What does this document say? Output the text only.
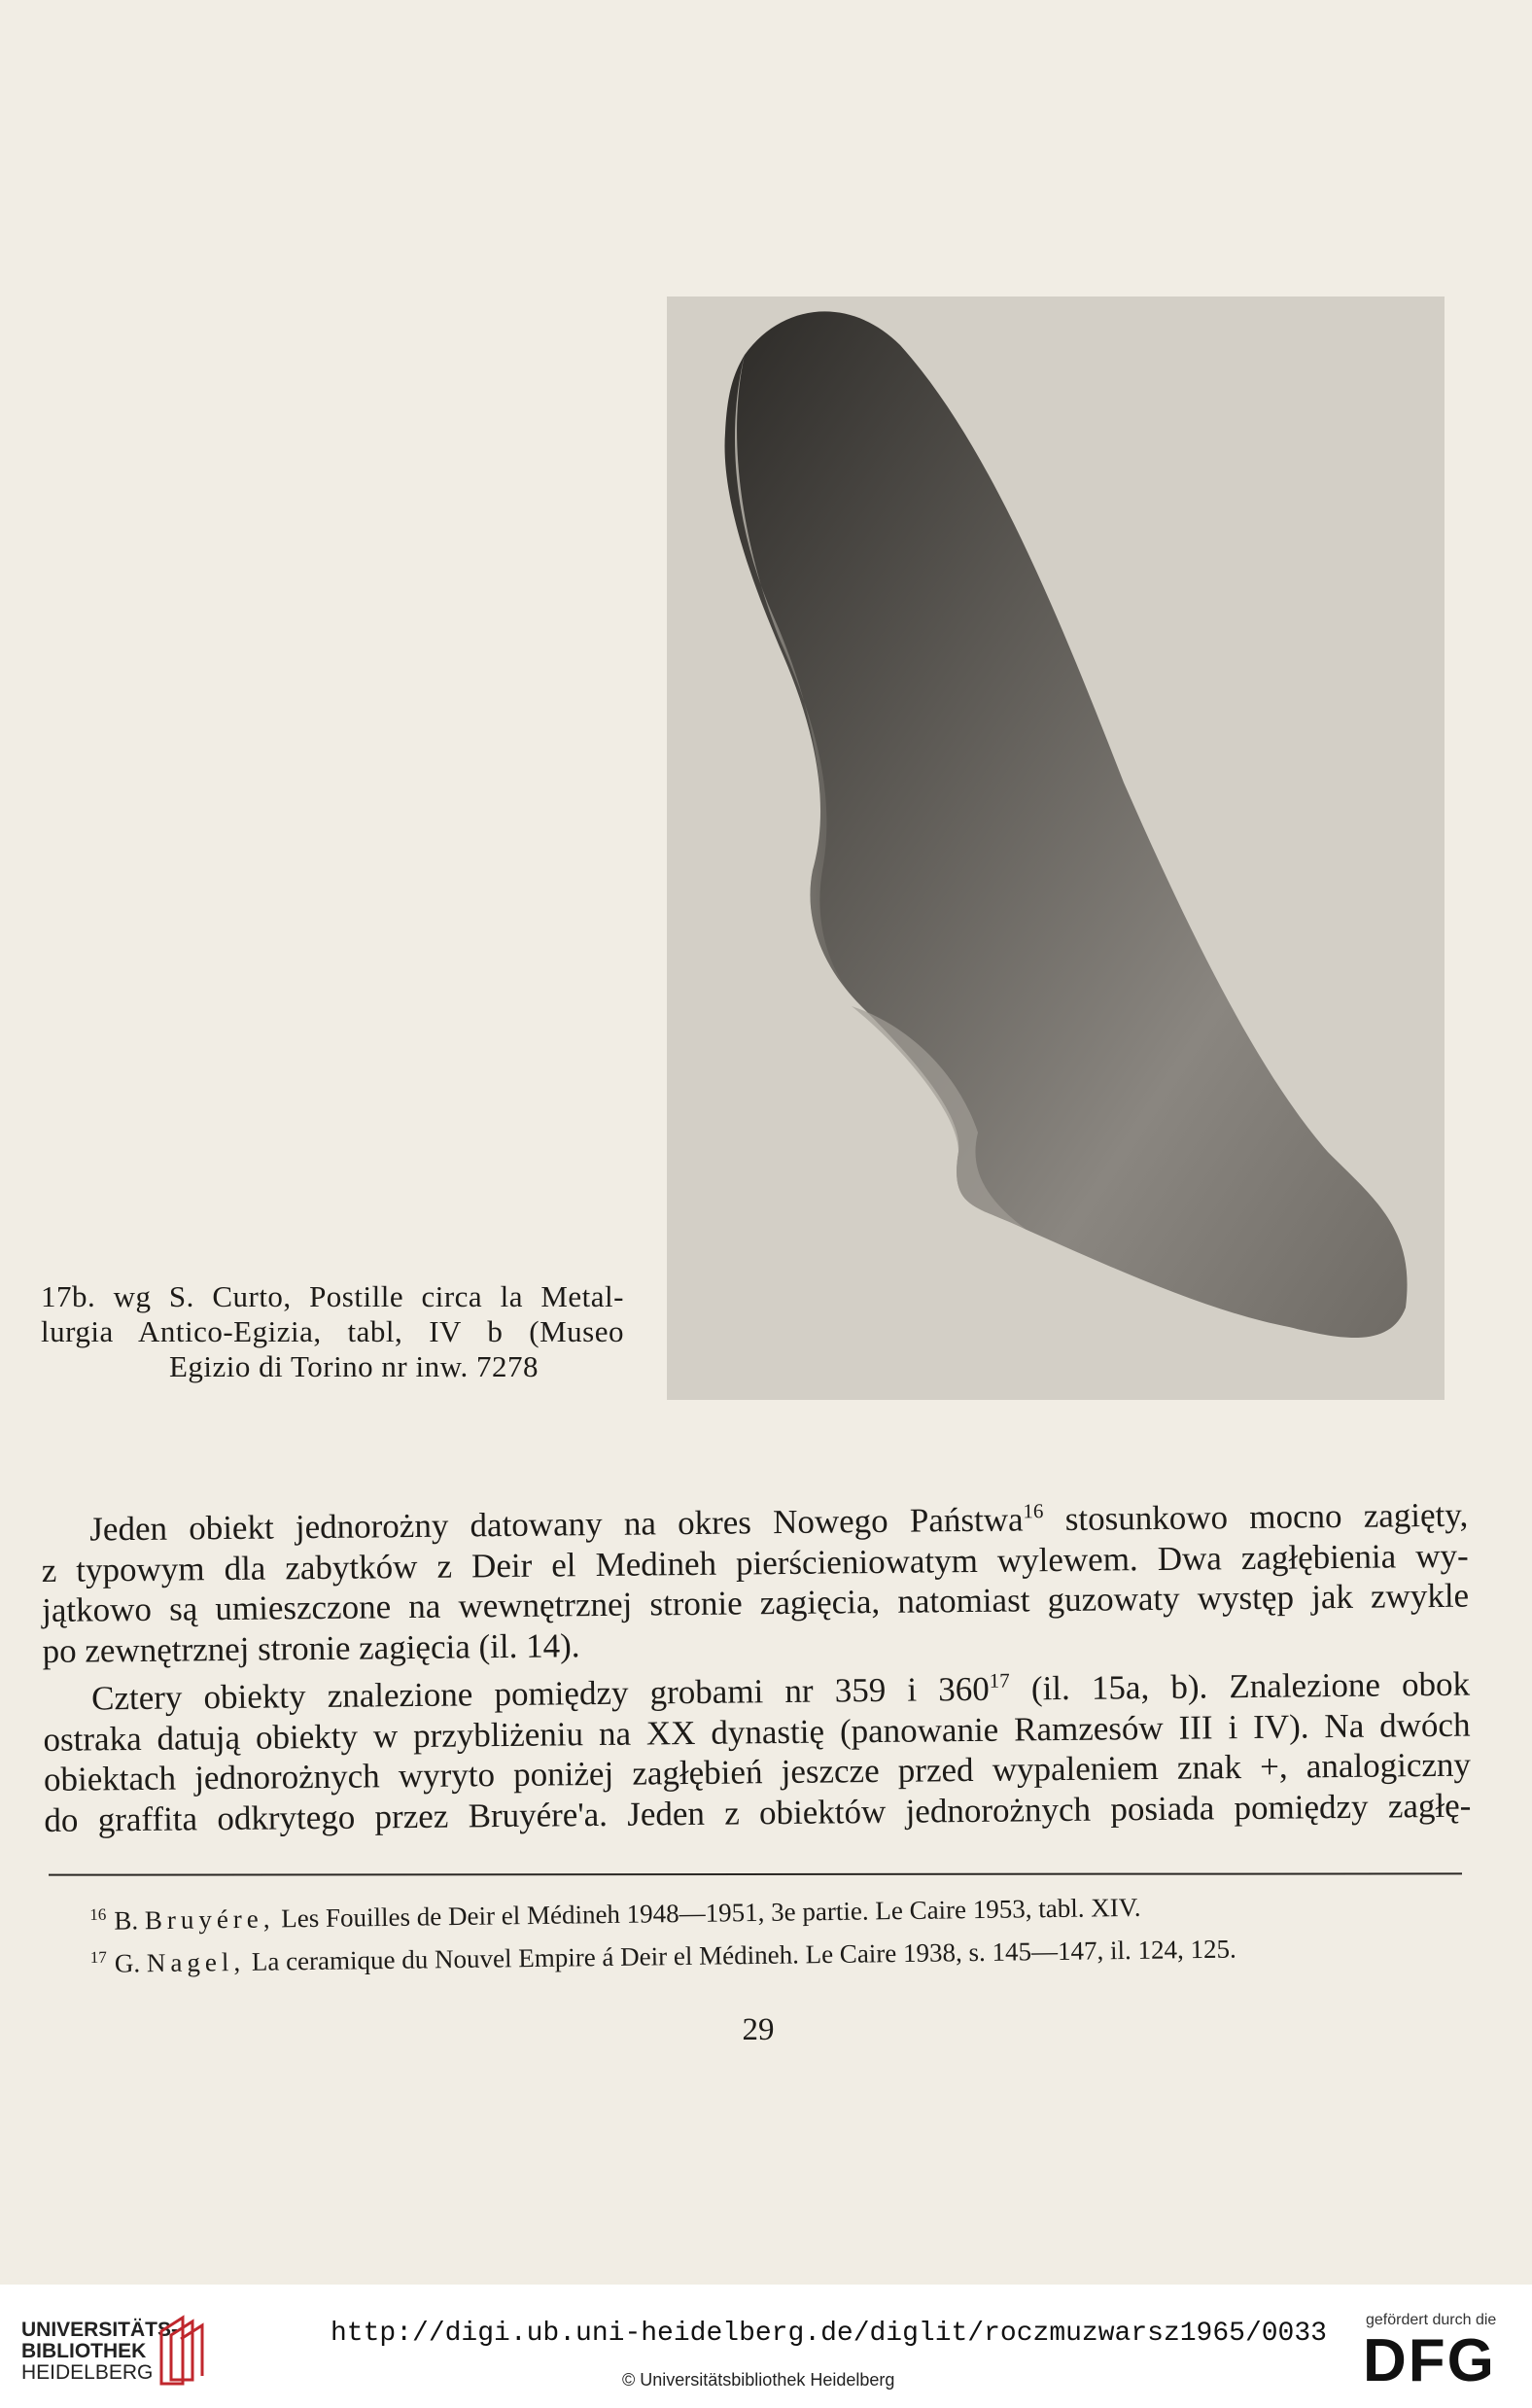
17b. wg S. Curto, Postille circa la Metal-
lurgia Antico-Egizia, tabl, IV b (Museo
Egizio di Torino nr inw. 7278
Jeden obiekt jednorożny datowany na okres Nowego Państwa$^{16}$ stosunkowo mocno zagięty,
z typowym dla zabytków z Deir el Medineh pierścieniowatym wylewem. Dwa zagłębienia wy-
jątkowo są umieszczone na wewnętrznej stronie zagięcia, natomiast guzowaty występ jak zwykle
po zewnętrznej stronie zagięcia (il. 14).
Cztery obiekty znalezione pomiędzy grobami nr 359 i $360^{17}$ (il. 15a, b). Znalezione obok
ostraka datują obiekty w przybliżeniu na XX dynastię (panowanie Ramzesów III i IV). Na dwóch
obiektach jednorożnych wyryto poniżej zagłębień jeszcze przed wypaleniem znak +, analogiczny
do graffita odkrytego przez Bruyére'a. Jeden z obiektów jednorożnych posiada pomiędzy zagłę-
$^{16}$ B. Bruyére, Les Fouilles de Deir el Médineh 1948—1951, 3e partie. Le Caire 1953, tabl. XIV.
$^{17}$ G. Nagel, La ceramique du Nouvel Empire á Deir el Médineh. Le Caire 1938, s. 145—147, il. 124, 125.
29
UNIVERSITÄTS-
BIBLIOTHEK
HEIDELBERG
http://digi.ub.uni-heidelberg.de/diglit/roczmuzwarsz1965/0033
© Universitätsbibliothek Heidelberg
gefördert durch die
DFG
